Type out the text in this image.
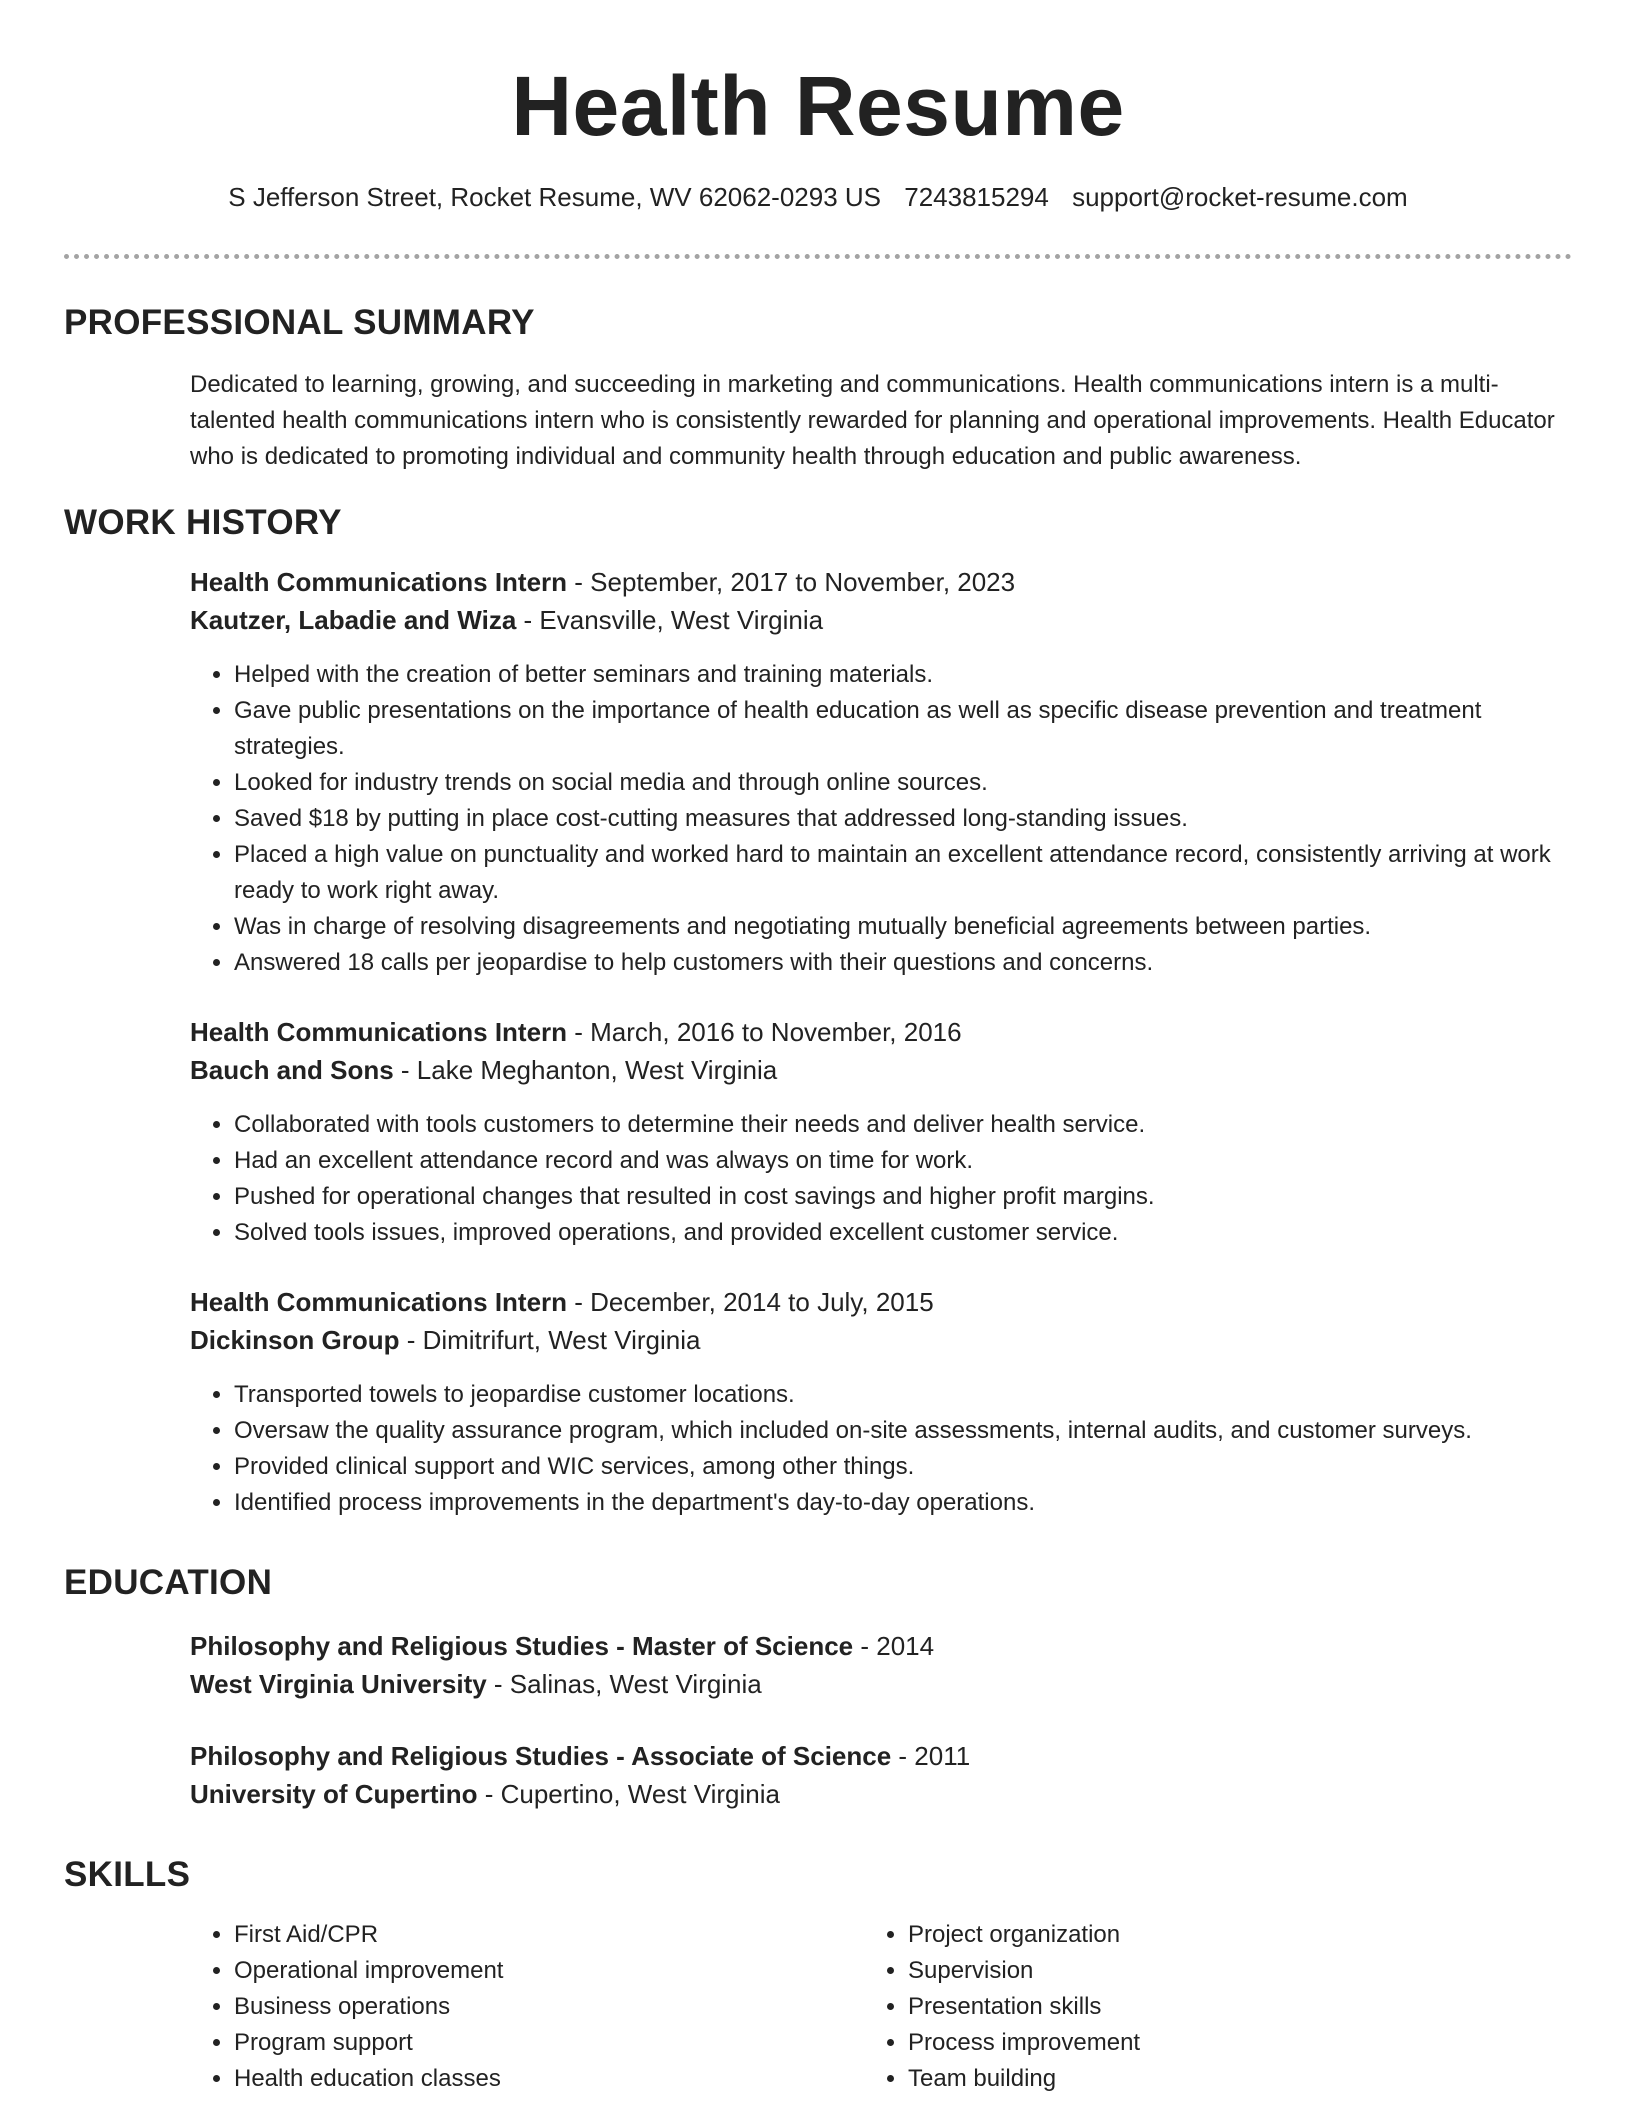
Health Resume
S Jefferson Street, Rocket Resume, WV 62062-0293 US 7243815294 support@rocket-resume.com
PROFESSIONAL SUMMARY
Dedicated to learning, growing, and succeeding in marketing and communications. Health communications intern is a multi-talented health communications intern who is consistently rewarded for planning and operational improvements. Health Educator who is dedicated to promoting individual and community health through education and public awareness.
WORK HISTORY
Health Communications Intern - September, 2017 to November, 2023
Kautzer, Labadie and Wiza - Evansville, West Virginia
• Helped with the creation of better seminars and training materials.
• Gave public presentations on the importance of health education as well as specific disease prevention and treatment strategies.
• Looked for industry trends on social media and through online sources.
• Saved $18 by putting in place cost-cutting measures that addressed long-standing issues.
• Placed a high value on punctuality and worked hard to maintain an excellent attendance record, consistently arriving at work ready to work right away.
• Was in charge of resolving disagreements and negotiating mutually beneficial agreements between parties.
• Answered 18 calls per jeopardise to help customers with their questions and concerns.
Health Communications Intern - March, 2016 to November, 2016
Bauch and Sons - Lake Meghanton, West Virginia
• Collaborated with tools customers to determine their needs and deliver health service.
• Had an excellent attendance record and was always on time for work.
• Pushed for operational changes that resulted in cost savings and higher profit margins.
• Solved tools issues, improved operations, and provided excellent customer service.
Health Communications Intern - December, 2014 to July, 2015
Dickinson Group - Dimitrifurt, West Virginia
• Transported towels to jeopardise customer locations.
• Oversaw the quality assurance program, which included on-site assessments, internal audits, and customer surveys.
• Provided clinical support and WIC services, among other things.
• Identified process improvements in the department's day-to-day operations.
EDUCATION
Philosophy and Religious Studies - Master of Science - 2014
West Virginia University - Salinas, West Virginia
Philosophy and Religious Studies - Associate of Science - 2011
University of Cupertino - Cupertino, West Virginia
SKILLS
• First Aid/CPR
• Operational improvement
• Business operations
• Program support
• Health education classes
• Project organization
• Supervision
• Presentation skills
• Process improvement
• Team building
